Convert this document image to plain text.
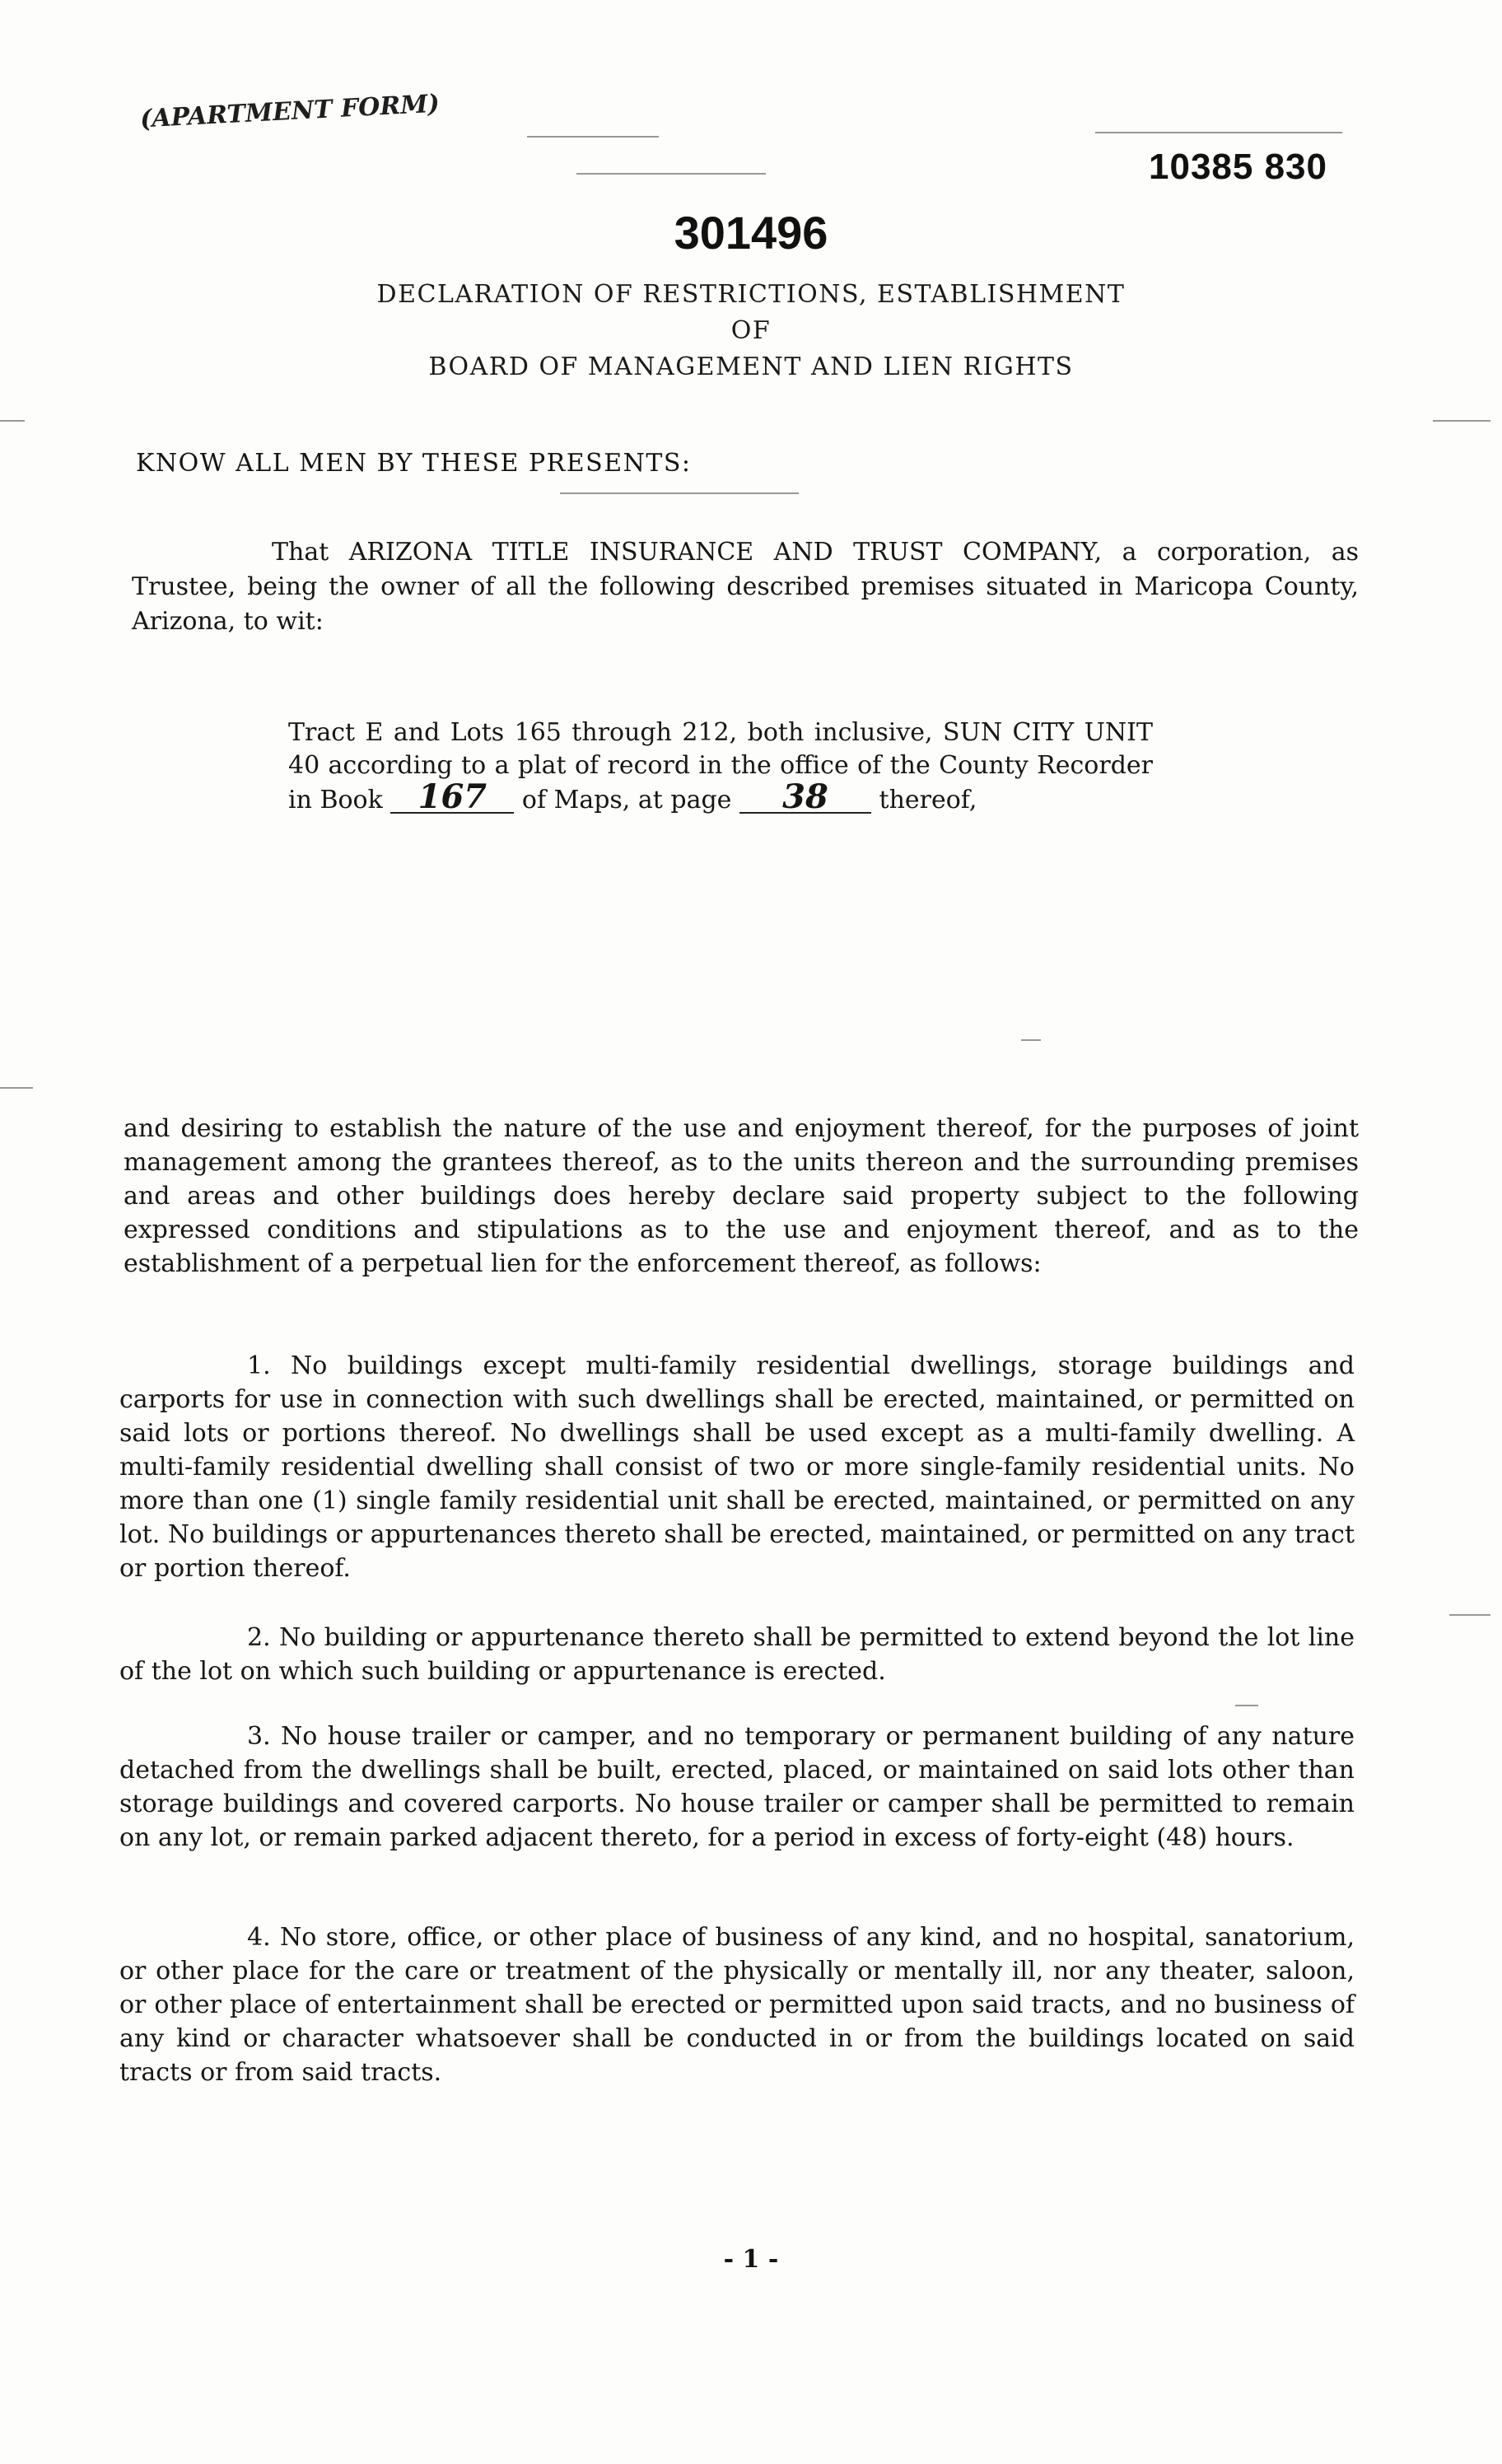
(APARTMENT FORM)
10385 830
301496
DECLARATION OF RESTRICTIONS, ESTABLISHMENT
OF
BOARD OF MANAGEMENT AND LIEN RIGHTS
KNOW ALL MEN BY THESE PRESENTS:
That ARIZONA TITLE INSURANCE AND TRUST COMPANY, a corporation, as Trustee, being the owner of all the following described premises situated in Maricopa County, Arizona, to wit:
Tract E and Lots 165 through 212, both inclusive, SUN CITY UNIT 40 according to a plat of record in the office of the County Recorder in Book 167 of Maps, at page 38 thereof,
and desiring to establish the nature of the use and enjoyment thereof, for the purposes of joint management among the grantees thereof, as to the units thereon and the surrounding premises and areas and other buildings does hereby declare said property subject to the following expressed conditions and stipulations as to the use and enjoyment thereof, and as to the establishment of a perpetual lien for the enforcement thereof, as follows:
1. No buildings except multi-family residential dwellings, storage buildings and carports for use in connection with such dwellings shall be erected, maintained, or permitted on said lots or portions thereof. No dwellings shall be used except as a multi-family dwelling. A multi-family residential dwelling shall consist of two or more single-family residential units. No more than one (1) single family residential unit shall be erected, maintained, or permitted on any lot. No buildings or appurtenances thereto shall be erected, maintained, or permitted on any tract or portion thereof.
2. No building or appurtenance thereto shall be permitted to extend beyond the lot line of the lot on which such building or appurtenance is erected.
3. No house trailer or camper, and no temporary or permanent building of any nature detached from the dwellings shall be built, erected, placed, or maintained on said lots other than storage buildings and covered carports. No house trailer or camper shall be permitted to remain on any lot, or remain parked adjacent thereto, for a period in excess of forty-eight (48) hours.
4. No store, office, or other place of business of any kind, and no hospital, sanatorium, or other place for the care or treatment of the physically or mentally ill, nor any theater, saloon, or other place of entertainment shall be erected or permitted upon said tracts, and no business of any kind or character whatsoever shall be conducted in or from the buildings located on said tracts or from said tracts.
- 1 -
